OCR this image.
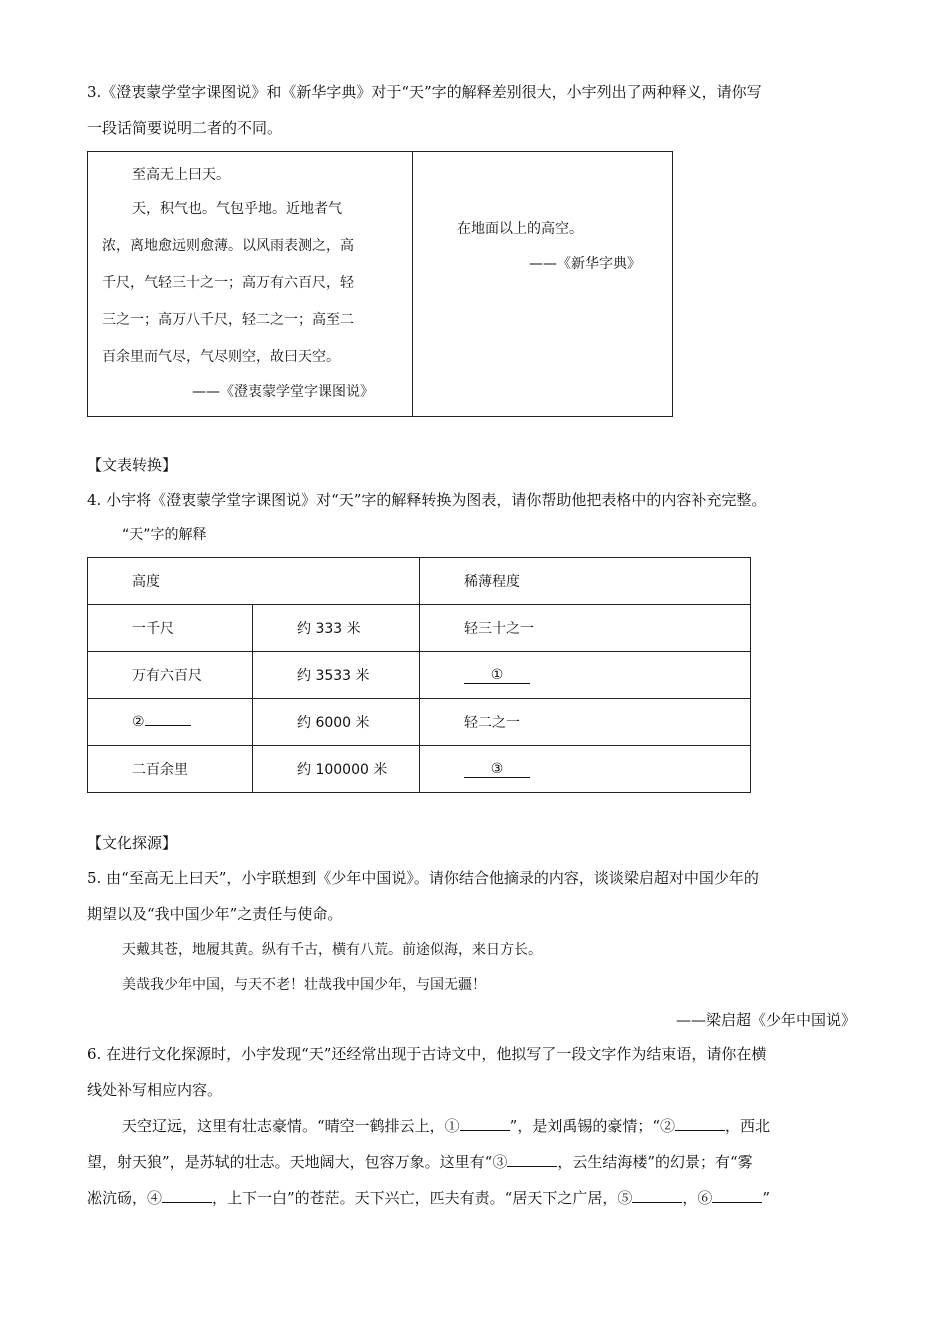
3.《澄衷蒙学堂字课图说》和《新华字典》对于“天”字的解释差别很大，小宇列出了两种释义，请你写
一段话简要说明二者的不同。
至高无上曰天。
天，积气也。气包乎地。近地者气
浓，离地愈远则愈薄。以风雨表测之，高
千尺，气轻三十之一；高万有六百尺，轻
三之一；高万八千尺，轻二之一；高至二
百余里而气尽，气尽则空，故曰天空。
——《澄衷蒙学堂字课图说》

在地面以上的高空。
——《新华字典》
【文表转换】
4. 小宇将《澄衷蒙学堂字课图说》对“天”字的解释转换为图表，请你帮助他把表格中的内容补充完整。
“天”字的解释
高度		稀薄程度
一千尺	约 333 米	轻三十之一
万有六百尺	约 3533 米	①
②	约 6000 米	轻二之一
二百余里	约 100000 米	③
【文化探源】
5. 由“至高无上曰天”，小宇联想到《少年中国说》。请你结合他摘录的内容，谈谈梁启超对中国少年的
期望以及“我中国少年”之责任与使命。
天戴其苍，地履其黄。纵有千古，横有八荒。前途似海，来日方长。
美哉我少年中国，与天不老！壮哉我中国少年，与国无疆！
——梁启超《少年中国说》
6. 在进行文化探源时，小宇发现“天”还经常出现于古诗文中，他拟写了一段文字作为结束语，请你在横
线处补写相应内容。
天空辽远，这里有壮志豪情。“晴空一鹤排云上，①	”，是刘禹锡的豪情；“②	，西北
望，射天狼”，是苏轼的壮志。天地阔大，包容万象。这里有“③	，云生结海楼”的幻景；有“雾
凇沆砀，④	，上下一白”的苍茫。天下兴亡，匹夫有责。“居天下之广居，⑤	，⑥	”
